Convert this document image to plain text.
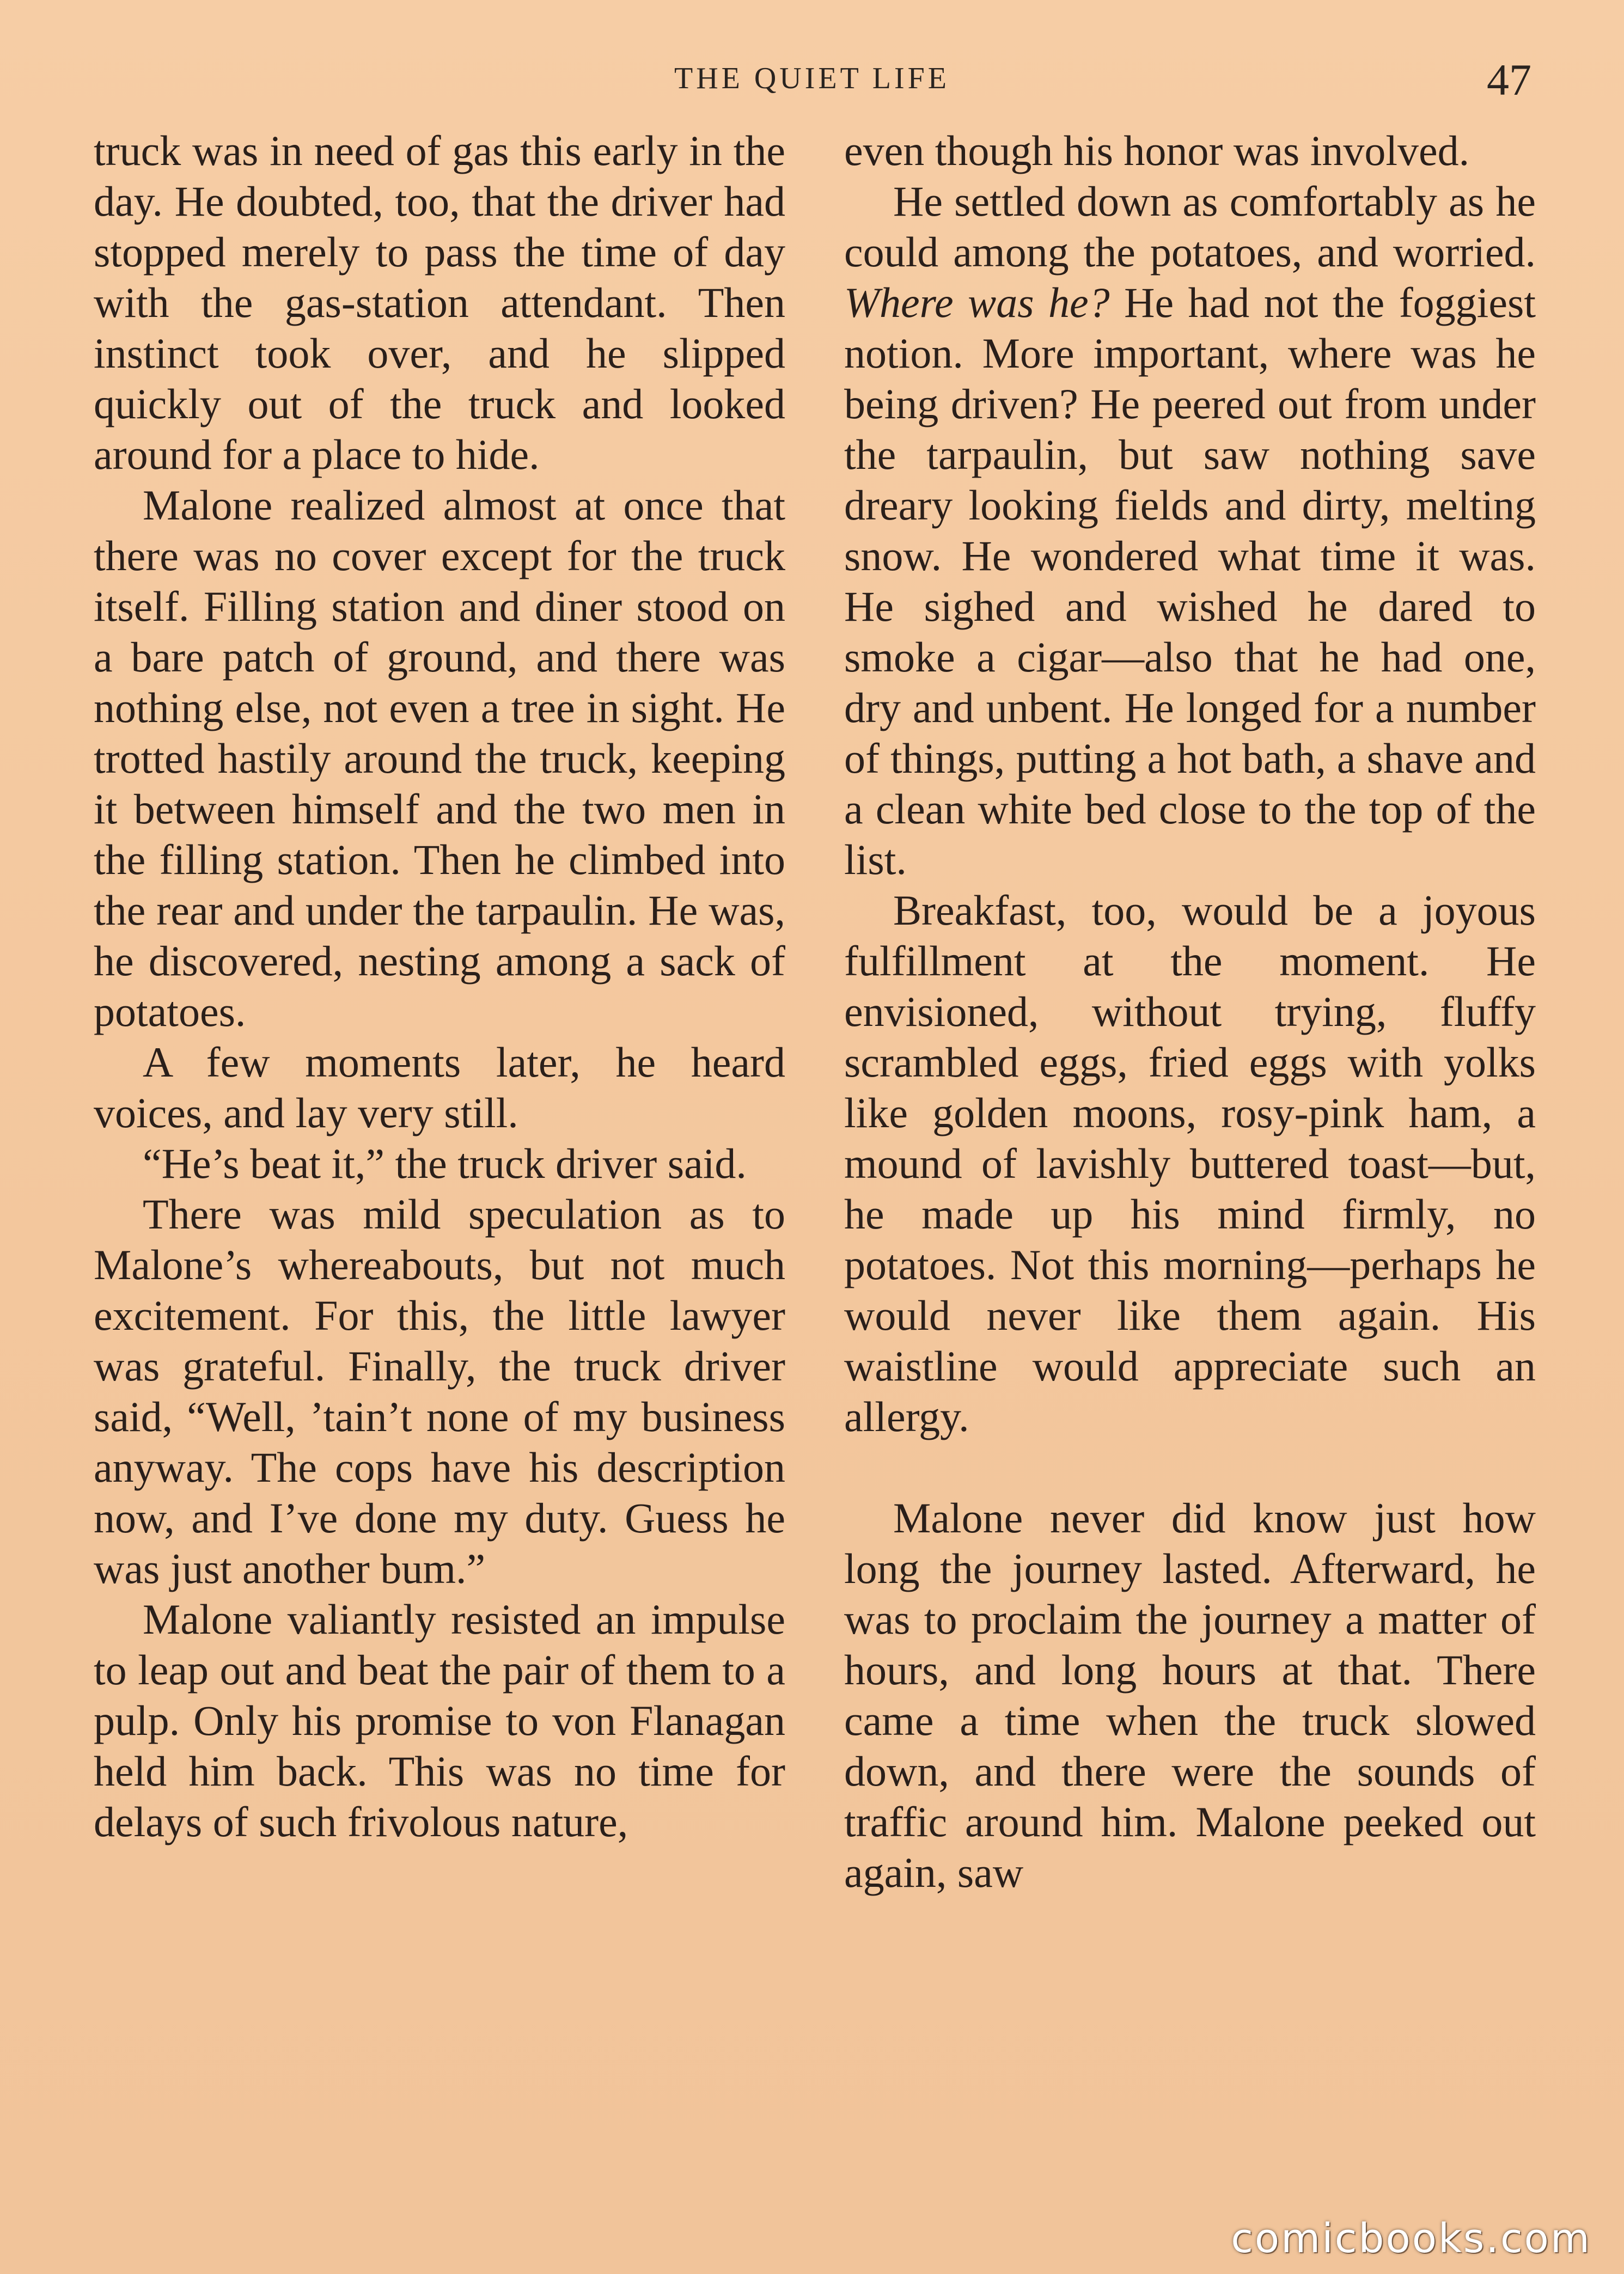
THE QUIET LIFE	47

truck was in need of gas this early in the day. He doubted, too, that the driver had stopped merely to pass the time of day with the gas-station attendant. Then instinct took over, and he slipped quickly out of the truck and looked around for a place to hide.

Malone realized almost at once that there was no cover except for the truck itself. Filling station and diner stood on a bare patch of ground, and there was nothing else, not even a tree in sight. He trotted hastily around the truck, keeping it between himself and the two men in the filling station. Then he climbed into the rear and under the tarpaulin. He was, he discovered, nesting among a sack of potatoes.

A few moments later, he heard voices, and lay very still.

“He’s beat it,” the truck driver said.

There was mild speculation as to Malone’s whereabouts, but not much excitement. For this, the little lawyer was grateful. Finally, the truck driver said, “Well, ’tain’t none of my business anyway. The cops have his description now, and I’ve done my duty. Guess he was just another bum.”

Malone valiantly resisted an impulse to leap out and beat the pair of them to a pulp. Only his promise to von Flanagan held him back. This was no time for delays of such frivolous nature,

even though his honor was involved.

He settled down as comfortably as he could among the potatoes, and worried. Where was he? He had not the foggiest notion. More important, where was he being driven? He peered out from under the tarpaulin, but saw nothing save dreary looking fields and dirty, melting snow. He wondered what time it was. He sighed and wished he dared to smoke a cigar—also that he had one, dry and unbent. He longed for a number of things, putting a hot bath, a shave and a clean white bed close to the top of the list.

Breakfast, too, would be a joyous fulfillment at the moment. He envisioned, without trying, fluffy scrambled eggs, fried eggs with yolks like golden moons, rosy-pink ham, a mound of lavishly buttered toast—but, he made up his mind firmly, no potatoes. Not this morning—perhaps he would never like them again. His waistline would appreciate such an allergy.

Malone never did know just how long the journey lasted. Afterward, he was to proclaim the journey a matter of hours, and long hours at that. There came a time when the truck slowed down, and there were the sounds of traffic around him. Malone peeked out again, saw

comicbooks.com
